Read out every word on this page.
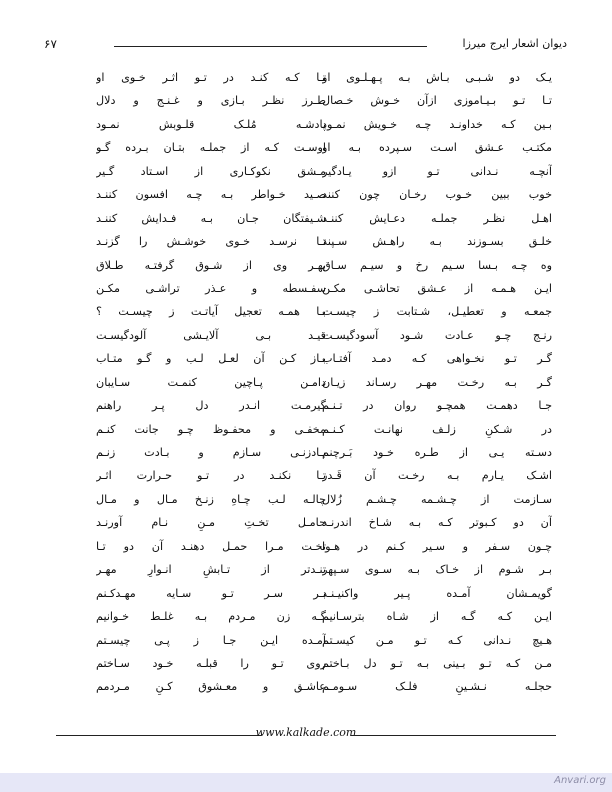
۶۷	دیوان اشعار ایرج میرزا
یـک دو شـبـی بـاش بـه پـهـلـوی او
تـا تـو بـیـاموزی ازآن خـوش خـصال
بـین کـه خداونـد چـه خـویش نمـود
مکتـب عـشق اسـت سـپرده بـه او
آنچـه نـدانی تـو ازو یـادگیر
خوب ببین خـوب رخـان چون کنند
اهـل نظـر جملـه دعـایش کننـد
خلـق بسـوزند بـه راهـش سـپند
وه چـه بـسا سـیم رخ و سیـم سـاق
ایـن هـمـه از عـشق تحاشـی مکـن
جمعـه و تعطیـل، شـتابت ز چیسـت
رنـج چـو عـادت شـود آسودگیسـت
گـر تـو نخـواهی کـه دمـد آفتـاب
گـر بـه رخـت مهـر رسـاند زیـان
جـا دهمـت همچـو روان در تـنـم
در شـکنِ زلـف نهانـت کـنـم
دسـته یـی از طـره خـود بَـرچنم
اشـک یـارم بـه رخـت آن قَـدر
سـازمت از چـشـمه چـشـم زُلال
آن دو کـبوتر کـه بـه شـاخ اندرنـد
چـون سـفر و سـیر کـنم در هـوا
بـر شـوم از خـاک بـه سـوی سـپهر
گویمـشان آمـده پـیر واکنیـنـد
ایـن کـه گـه از شـاه بترسـانیم
هـیچ نـدانی کـه تـو مـن کیسـتم
مـن کـه تـو بـینی بـه تـو دل بـاختم
حجلـه نـشـینِ فلـک سـومـم
تـا کـه کنـد در تـو اثـر خـوی او
طـرز نظـر بـازی و غـنـج و دلال
پادشـه مُلـک قلـوبش نمـود
اوسـت کـه از جملـه بتـان بـرده گـو
مـشق نکوکـاری از اسـتاد گـیر
صـید خـواطر بـه چـه افسون کننـد
شـیفتگان جـان بـه فـدایش کننـد
تـا نرسـد خـوی خوشـش را گزنـد
بهـر وی از شـوق گرفتـه طـلاق
سفـسطه و عـذر تراشـی مکـن
بـا همـه تعجیل آیاتـت ز چیسـت ؟
قیـد بـی آلایـشی آلودگیسـت
بـاز کـن آن لعـل لـب و گـو متـاب
دامـن پـاچین کنمـت سـایبان
گیرمـت انـدر دل پـر راهنم
مخفـی و محفـوظ چـو جانت کنـم
بـادزنـی سـازم و بـادت زنـم
تـا نکنـد در تـو حـرارت اثـر
چالـه لـب چـاهِ زنـخ مـال و مـال
حامـل تخـتِ مـنِ نـام آورنـد
تخـت مـرا حمـل دهنـد آن دو تـا
تنـدتر از تـابشِ انـوارِ مهـر
بـر سـر تـو سـایه مهـدکـنم
گـه زن مـردم بـه غلـط خـوانیم
آمـده ایـن جـا ز پـی چیسـتم
روی تـو را قبلـه خـود سـاختم
عاشـق و معـشوق کـنِ مـردمم
www.kalkade.com
Anvari.org
